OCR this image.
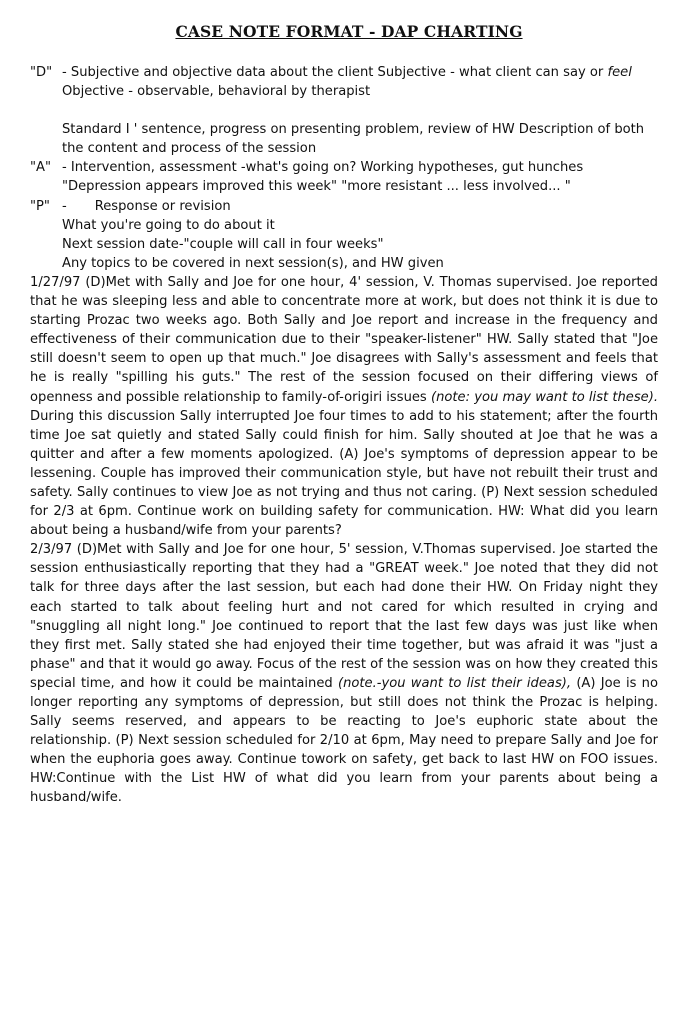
CASE NOTE FORMAT - DAP CHARTING
"D" - Subjective and objective data about the client Subjective - what client can say or feel Objective - observable, behavioral by therapist
Standard I ' sentence, progress on presenting problem, review of HW Description of both the content and process of the session
"A" - Intervention, assessment -what's going on? Working hypotheses, gut hunches "Depression appears improved this week" "more resistant ... less involved... "
"P" - Response or revision
What you're going to do about it
Next session date-"couple will call in four weeks"
Any topics to be covered in next session(s), and HW given
1/27/97 (D)Met with Sally and Joe for one hour, 4' session, V. Thomas supervised. Joe reported that he was sleeping less and able to concentrate more at work, but does not think it is due to starting Prozac two weeks ago. Both Sally and Joe report and increase in the frequency and effectiveness of their communication due to their "speaker-listener" HW. Sally stated that "Joe still doesn't seem to open up that much." Joe disagrees with Sally's assessment and feels that he is really "spilling his guts." The rest of the session focused on their differing views of openness and possible relationship to family-of-origiri issues (note: you may want to list these). During this discussion Sally interrupted Joe four times to add to his statement; after the fourth time Joe sat quietly and stated Sally could finish for him. Sally shouted at Joe that he was a quitter and after a few moments apologized. (A) Joe's symptoms of depression appear to be lessening. Couple has improved their communication style, but have not rebuilt their trust and safety. Sally continues to view Joe as not trying and thus not caring. (P) Next session scheduled for 2/3 at 6pm. Continue work on building safety for communication. HW: What did you learn about being a husband/wife from your parents?
2/3/97 (D)Met with Sally and Joe for one hour, 5' session, V.Thomas supervised. Joe started the session enthusiastically reporting that they had a "GREAT week." Joe noted that they did not talk for three days after the last session, but each had done their HW. On Friday night they each started to talk about feeling hurt and not cared for which resulted in crying and "snuggling all night long." Joe continued to report that the last few days was just like when they first met. Sally stated she had enjoyed their time together, but was afraid it was "just a phase" and that it would go away. Focus of the rest of the session was on how they created this special time, and how it could be maintained (note.-you want to list their ideas), (A) Joe is no longer reporting any symptoms of depression, but still does not think the Prozac is helping. Sally seems reserved, and appears to be reacting to Joe's euphoric state about the relationship. (P) Next session scheduled for 2/10 at 6pm, May need to prepare Sally and Joe for when the euphoria goes away. Continue towork on safety, get back to last HW on FOO issues. HW:Continue with the List HW of what did you learn from your parents about being a husband/wife.
